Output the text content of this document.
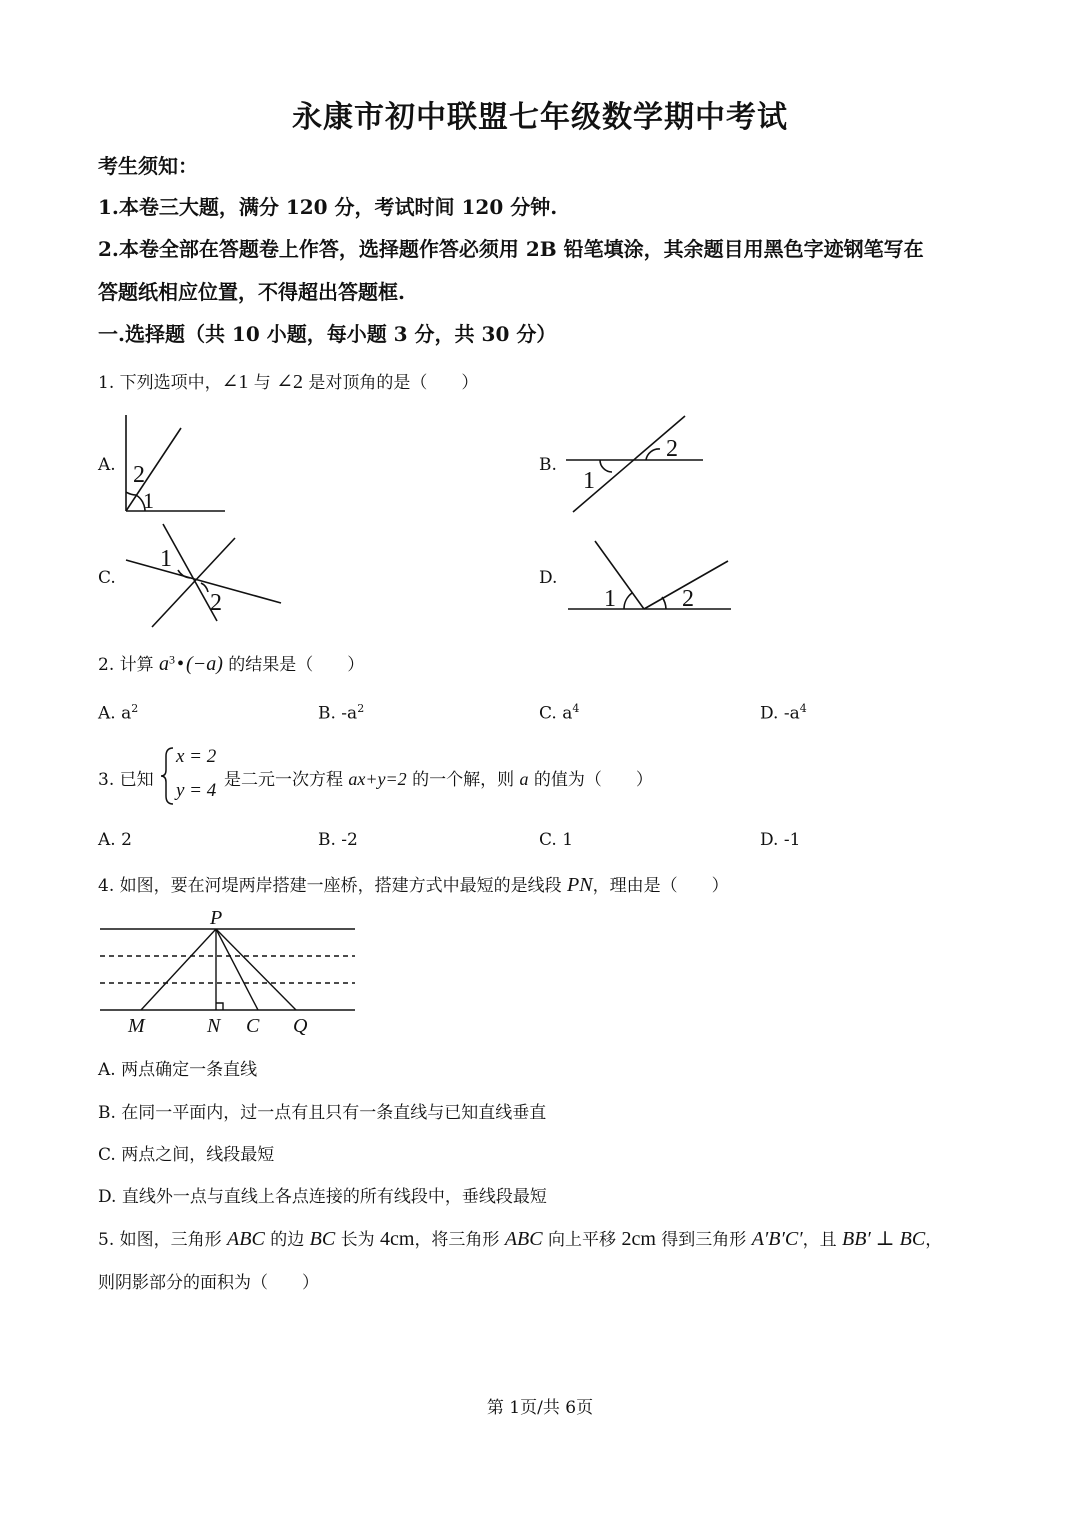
永康市初中联盟七年级数学期中考试
考生须知：
1.本卷三大题，满分 120 分，考试时间 120 分钟.
2.本卷全部在答题卷上作答，选择题作答必须用 2B 铅笔填涂，其余题目用黑色字迹钢笔写在
答题纸相应位置，不得超出答题框.
一.选择题（共 10 小题，每小题 3 分，共 30 分）
1. 下列选项中，∠1 与 ∠2 是对顶角的是（　　）
A.	B.
C.	D.
2
1
1
2
1
2	1	2
2. 计算 $a^3$ • (−a) 的结果是（　　）
A. $a^2$	B. $-a^2$	C. $a^4$	D. $-a^4$
3. 已知
x = 2
y = 4 是二元一次方程 ax+y=2 的一个解，则 a 的值为（　　）
A. 2	B. -2	C. 1	D. -1
4. 如图，要在河堤两岸搭建一座桥，搭建方式中最短的是线段 PN，理由是（　　）
P
M	N C Q
A. 两点确定一条直线
B. 在同一平面内，过一点有且只有一条直线与已知直线垂直
C. 两点之间，线段最短
D. 直线外一点与直线上各点连接的所有线段中，垂线段最短
5. 如图，三角形 ABC 的边 BC 长为 4cm，将三角形 ABC 向上平移 2cm 得到三角形 A′B′C′，且 BB′ ⊥ BC，
则阴影部分的面积为（　　）
第 1页/共 6页
